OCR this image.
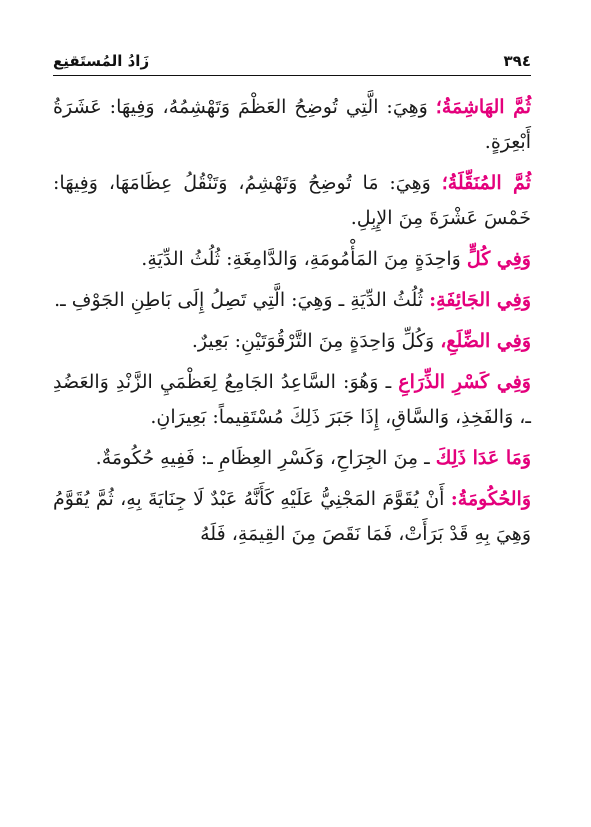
٣٩٤
زَادُ المُستَقنِع

ثُمَّ الهَاشِمَةُ؛ وَهِيَ: الَّتِي تُوضِحُ العَظْمَ وَتَهْشِمُهُ، وَفِيهَا: عَشَرَةُ أَبْعِرَةٍ.

ثُمَّ المُنَقِّلَةُ؛ وَهِيَ: مَا تُوضِحُ وَتَهْشِمُ، وَتَنْقُلُ عِظَامَهَا، وَفِيهَا: خَمْسَ عَشْرَةَ مِنَ الإِبِلِ.

وَفِي كُلٍّ وَاحِدَةٍ مِنَ المَأْمُومَةِ، وَالدَّامِغَةِ: ثُلُثُ الدِّيَةِ.

وَفِي الجَائِفَةِ: ثُلُثُ الدِّيَةِ ـ وَهِيَ: الَّتِي تَصِلُ إِلَى بَاطِنِ الجَوْفِ ـ.

وَفِي الضِّلَعِ، وَكُلِّ وَاحِدَةٍ مِنَ التَّرْقُوَتَيْنِ: بَعِيرٌ.

وَفِي كَسْرِ الذِّرَاعِ ـ وَهُوَ: السَّاعِدُ الجَامِعُ لِعَظْمَيِ الزَّنْدِ وَالعَضُدِ ـ، وَالفَخِذِ، وَالسَّاقِ، إِذَا جَبَرَ ذَلِكَ مُسْتَقِيماً: بَعِيرَانِ.

وَمَا عَدَا ذَلِكَ ـ مِنَ الجِرَاحِ، وَكَسْرِ العِظَامِ ـ: فَفِيهِ حُكُومَةٌ.

وَالحُكُومَةُ: أَنْ يُقَوَّمَ المَجْنِيُّ عَلَيْهِ كَأَنَّهُ عَبْدٌ لَا جِنَايَةَ بِهِ، ثُمَّ يُقَوَّمُ وَهِيَ بِهِ قَدْ بَرَأَتْ، فَمَا نَقَصَ مِنَ القِيمَةِ، فَلَهُ
